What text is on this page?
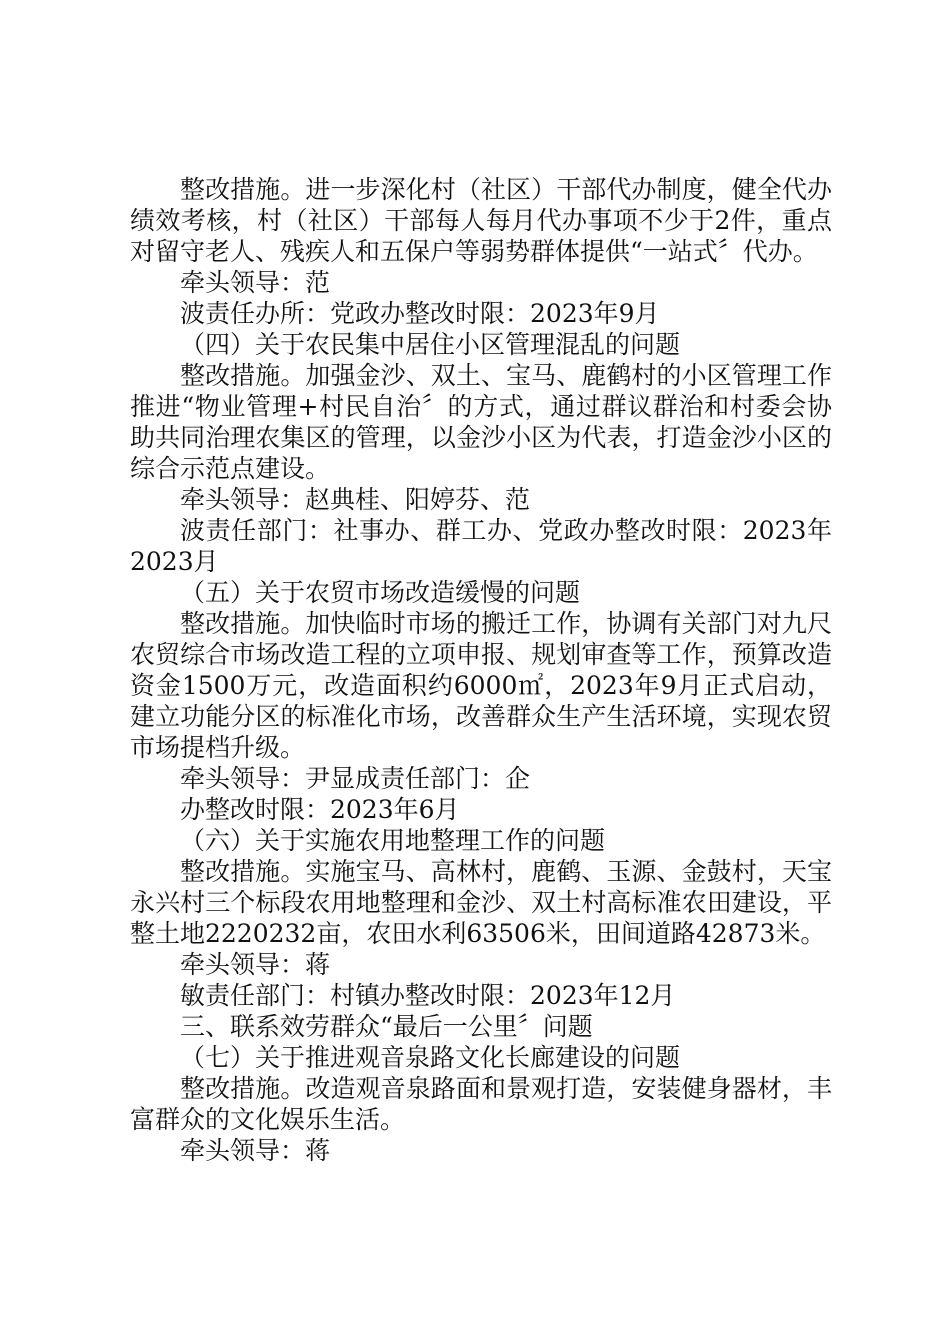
整改措施。进一步深化村（社区）干部代办制度，健全代办绩效考核，村（社区）干部每人每月代办事项不少于2件，重点对留守老人、残疾人和五保户等弱势群体提供“一站式〞代办。

牵头领导：范

波责任办所：党政办整改时限：2023年9月

（四）关于农民集中居住小区管理混乱的问题

整改措施。加强金沙、双土、宝马、鹿鹤村的小区管理工作推进“物业管理+村民自治〞的方式，通过群议群治和村委会协助共同治理农集区的管理，以金沙小区为代表，打造金沙小区的综合示范点建设。

牵头领导：赵典桂、阳婷芬、范

波责任部门：社事办、群工办、党政办整改时限：2023年

2023月

（五）关于农贸市场改造缓慢的问题

整改措施。加快临时市场的搬迁工作，协调有关部门对九尺农贸综合市场改造工程的立项申报、规划审查等工作，预算改造资金1500万元，改造面积约6000㎡，2023年9月正式启动，建立功能分区的标准化市场，改善群众生产生活环境，实现农贸市场提档升级。

牵头领导：尹显成责任部门：企

办整改时限：2023年6月

（六）关于实施农用地整理工作的问题

整改措施。实施宝马、高林村，鹿鹤、玉源、金鼓村，天宝永兴村三个标段农用地整理和金沙、双土村高标准农田建设，平整土地2220232亩，农田水利63506米，田间道路42873米。

牵头领导：蒋

敏责任部门：村镇办整改时限：2023年12月

三、联系效劳群众“最后一公里〞问题

（七）关于推进观音泉路文化长廊建设的问题

整改措施。改造观音泉路面和景观打造，安装健身器材，丰富群众的文化娱乐生活。

牵头领导：蒋
